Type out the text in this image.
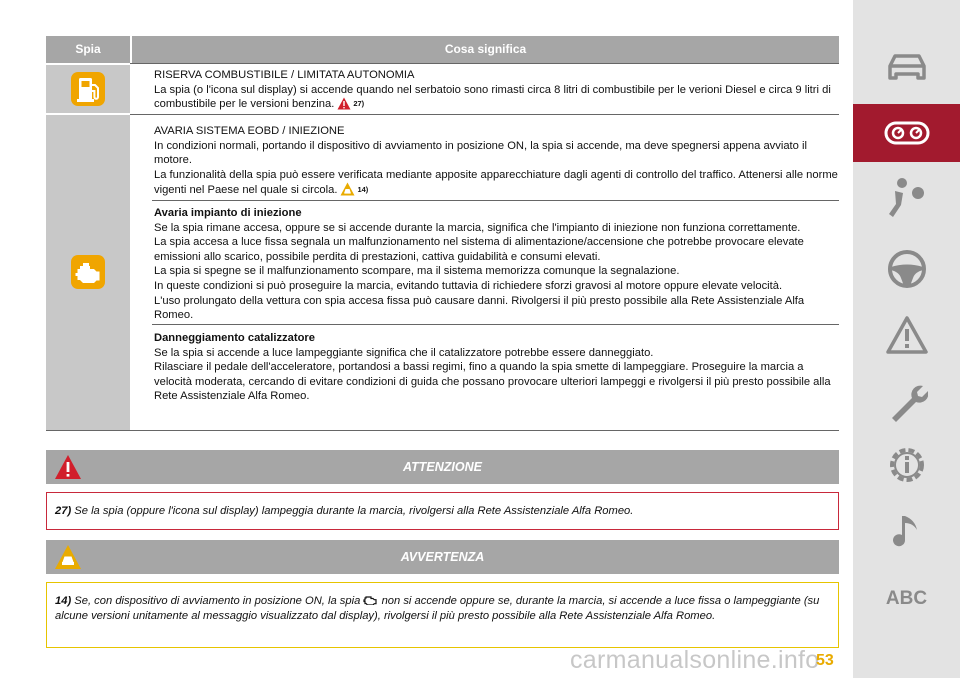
Spia	Cosa significa
RISERVA COMBUSTIBILE / LIMITATA AUTONOMIA
La spia (o l'icona sul display) si accende quando nel serbatoio sono rimasti circa 8 litri di combustibile per le verioni Diesel e circa 9 litri di combustibile per le versioni benzina.	27)
AVARIA SISTEMA EOBD / INIEZIONE
In condizioni normali, portando il dispositivo di avviamento in posizione ON, la spia si accende, ma deve spegnersi appena avviato il motore.
La funzionalità della spia può essere verificata mediante apposite apparecchiature dagli agenti di controllo del traffico. Attenersi alle norme vigenti nel Paese nel quale si circola.	14)
Avaria impianto di iniezione
Se la spia rimane accesa, oppure se si accende durante la marcia, significa che l'impianto di iniezione non funziona correttamente.
La spia accesa a luce fissa segnala un malfunzionamento nel sistema di alimentazione/accensione che potrebbe provocare elevate emissioni allo scarico, possibile perdita di prestazioni, cattiva guidabilità e consumi elevati.
La spia si spegne se il malfunzionamento scompare, ma il sistema memorizza comunque la segnalazione.
In queste condizioni si può proseguire la marcia, evitando tuttavia di richiedere sforzi gravosi al motore oppure elevate velocità.
L'uso prolungato della vettura con spia accesa fissa può causare danni. Rivolgersi il più presto possibile alla Rete Assistenziale Alfa Romeo.
Danneggiamento catalizzatore
Se la spia si accende a luce lampeggiante significa che il catalizzatore potrebbe essere danneggiato.
Rilasciare il pedale dell'acceleratore, portandosi a bassi regimi, fino a quando la spia smette di lampeggiare. Proseguire la marcia a velocità moderata, cercando di evitare condizioni di guida che possano provocare ulteriori lampeggi e rivolgersi il più presto possibile alla Rete Assistenziale Alfa Romeo.
ATTENZIONE
27) Se la spia (oppure l'icona sul display) lampeggia durante la marcia, rivolgersi alla Rete Assistenziale Alfa Romeo.
AVVERTENZA
14) Se, con dispositivo di avviamento in posizione ON, la spia non si accende oppure se, durante la marcia, si accende a luce fissa o lampeggiante (su alcune versioni unitamente al messaggio visualizzato dal display), rivolgersi il più presto possibile alla Rete Assistenziale Alfa Romeo.
carmanualsonline.info
53
ABC
